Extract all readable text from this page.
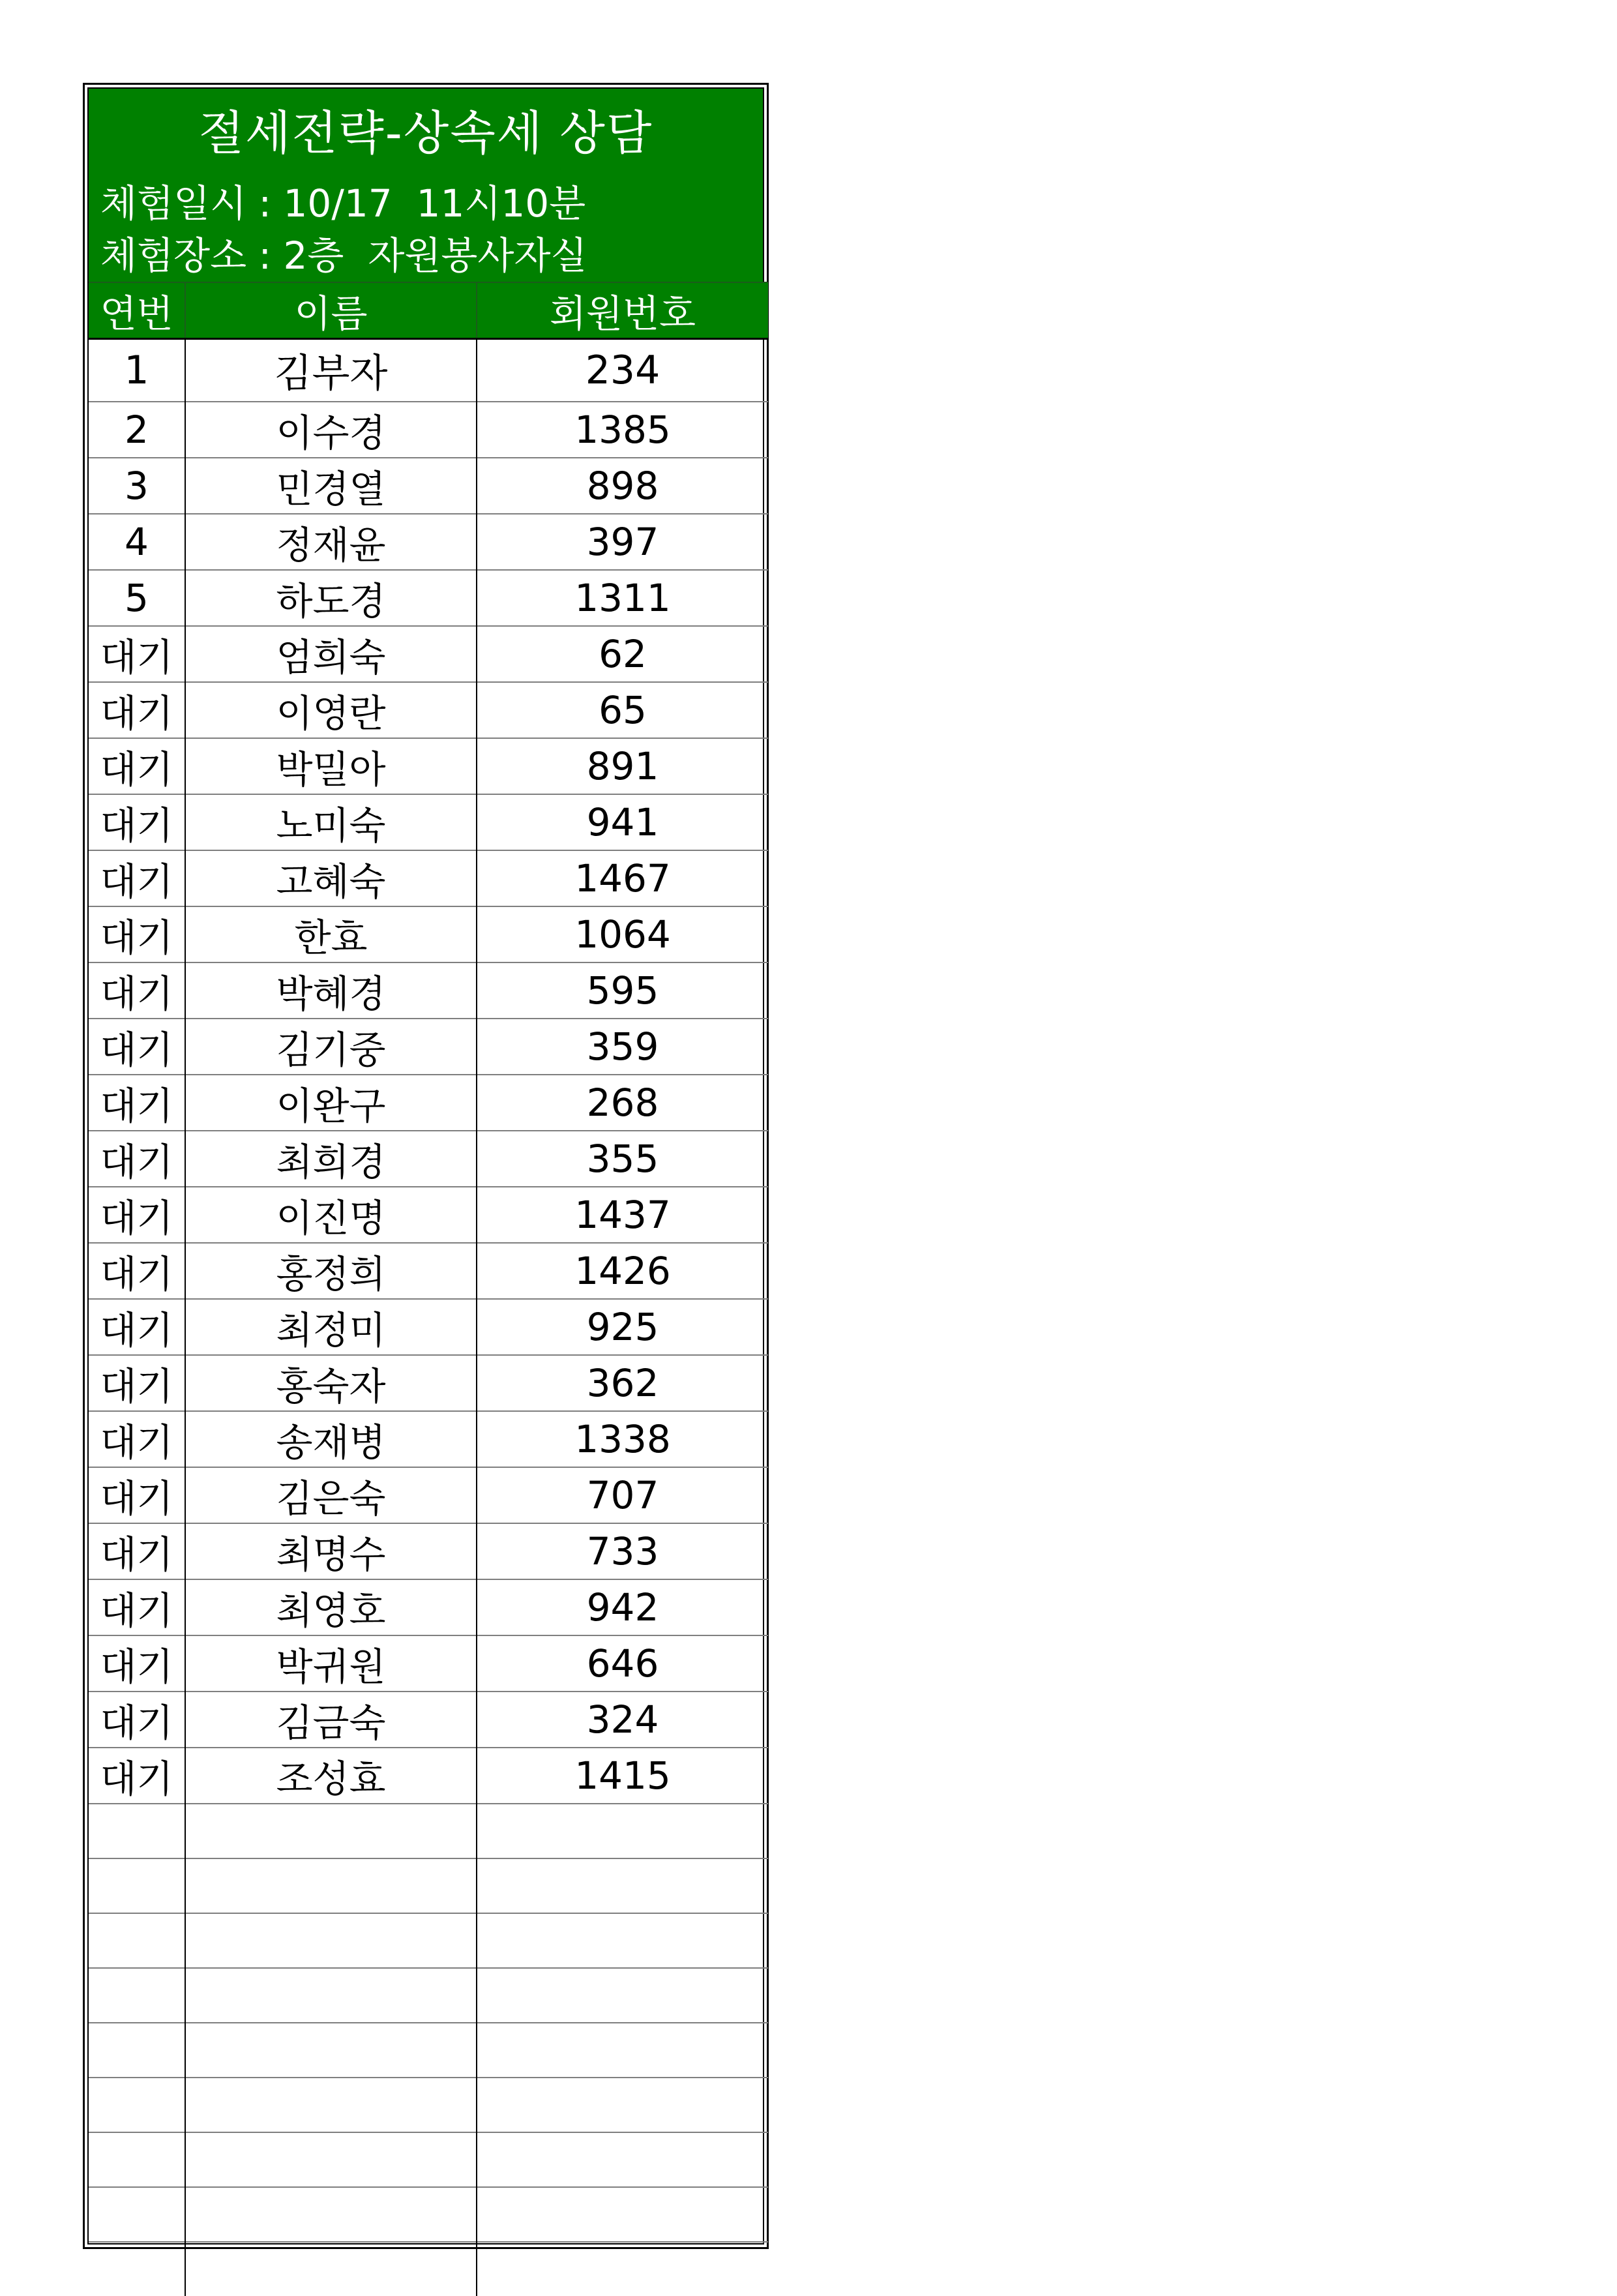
절세전략-상속세 상담
체험일시 : 10/17  11시10분
체험장소 : 2층  자원봉사자실
연번	이름	회원번호
1	김부자	234
2	이수경	1385
3	민경열	898
4	정재윤	397
5	하도경	1311
대기	엄희숙	62
대기	이영란	65
대기	박밀아	891
대기	노미숙	941
대기	고혜숙	1467
대기	한효	1064
대기	박혜경	595
대기	김기중	359
대기	이완구	268
대기	최희경	355
대기	이진명	1437
대기	홍정희	1426
대기	최정미	925
대기	홍숙자	362
대기	송재병	1338
대기	김은숙	707
대기	최명수	733
대기	최영호	942
대기	박귀원	646
대기	김금숙	324
대기	조성효	1415
